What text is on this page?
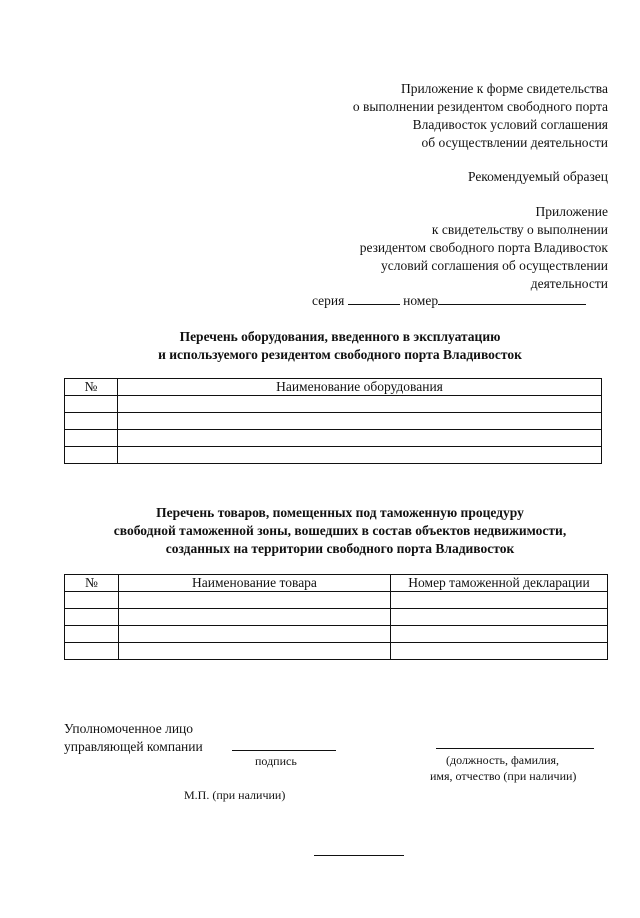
Приложение к форме свидетельства
о выполнении резидентом свободного порта
Владивосток условий соглашения
об осуществлении деятельности
Рекомендуемый образец
Приложение
к свидетельству о выполнении
резидентом свободного порта Владивосток
условий соглашения об осуществлении
деятельности
серия	номер
Перечень оборудования, введенного в эксплуатацию
и используемого резидентом свободного порта Владивосток
№	Наименование оборудования

Перечень товаров, помещенных под таможенную процедуру
свободной таможенной зоны, вошедших в состав объектов недвижимости,
созданных на территории свободного порта Владивосток
№	Наименование товара	Номер таможенной декларации

Уполномоченное лицо
управляющей компании
подпись	(должность, фамилия,
имя, отчество (при наличии)
М.П. (при наличии)
